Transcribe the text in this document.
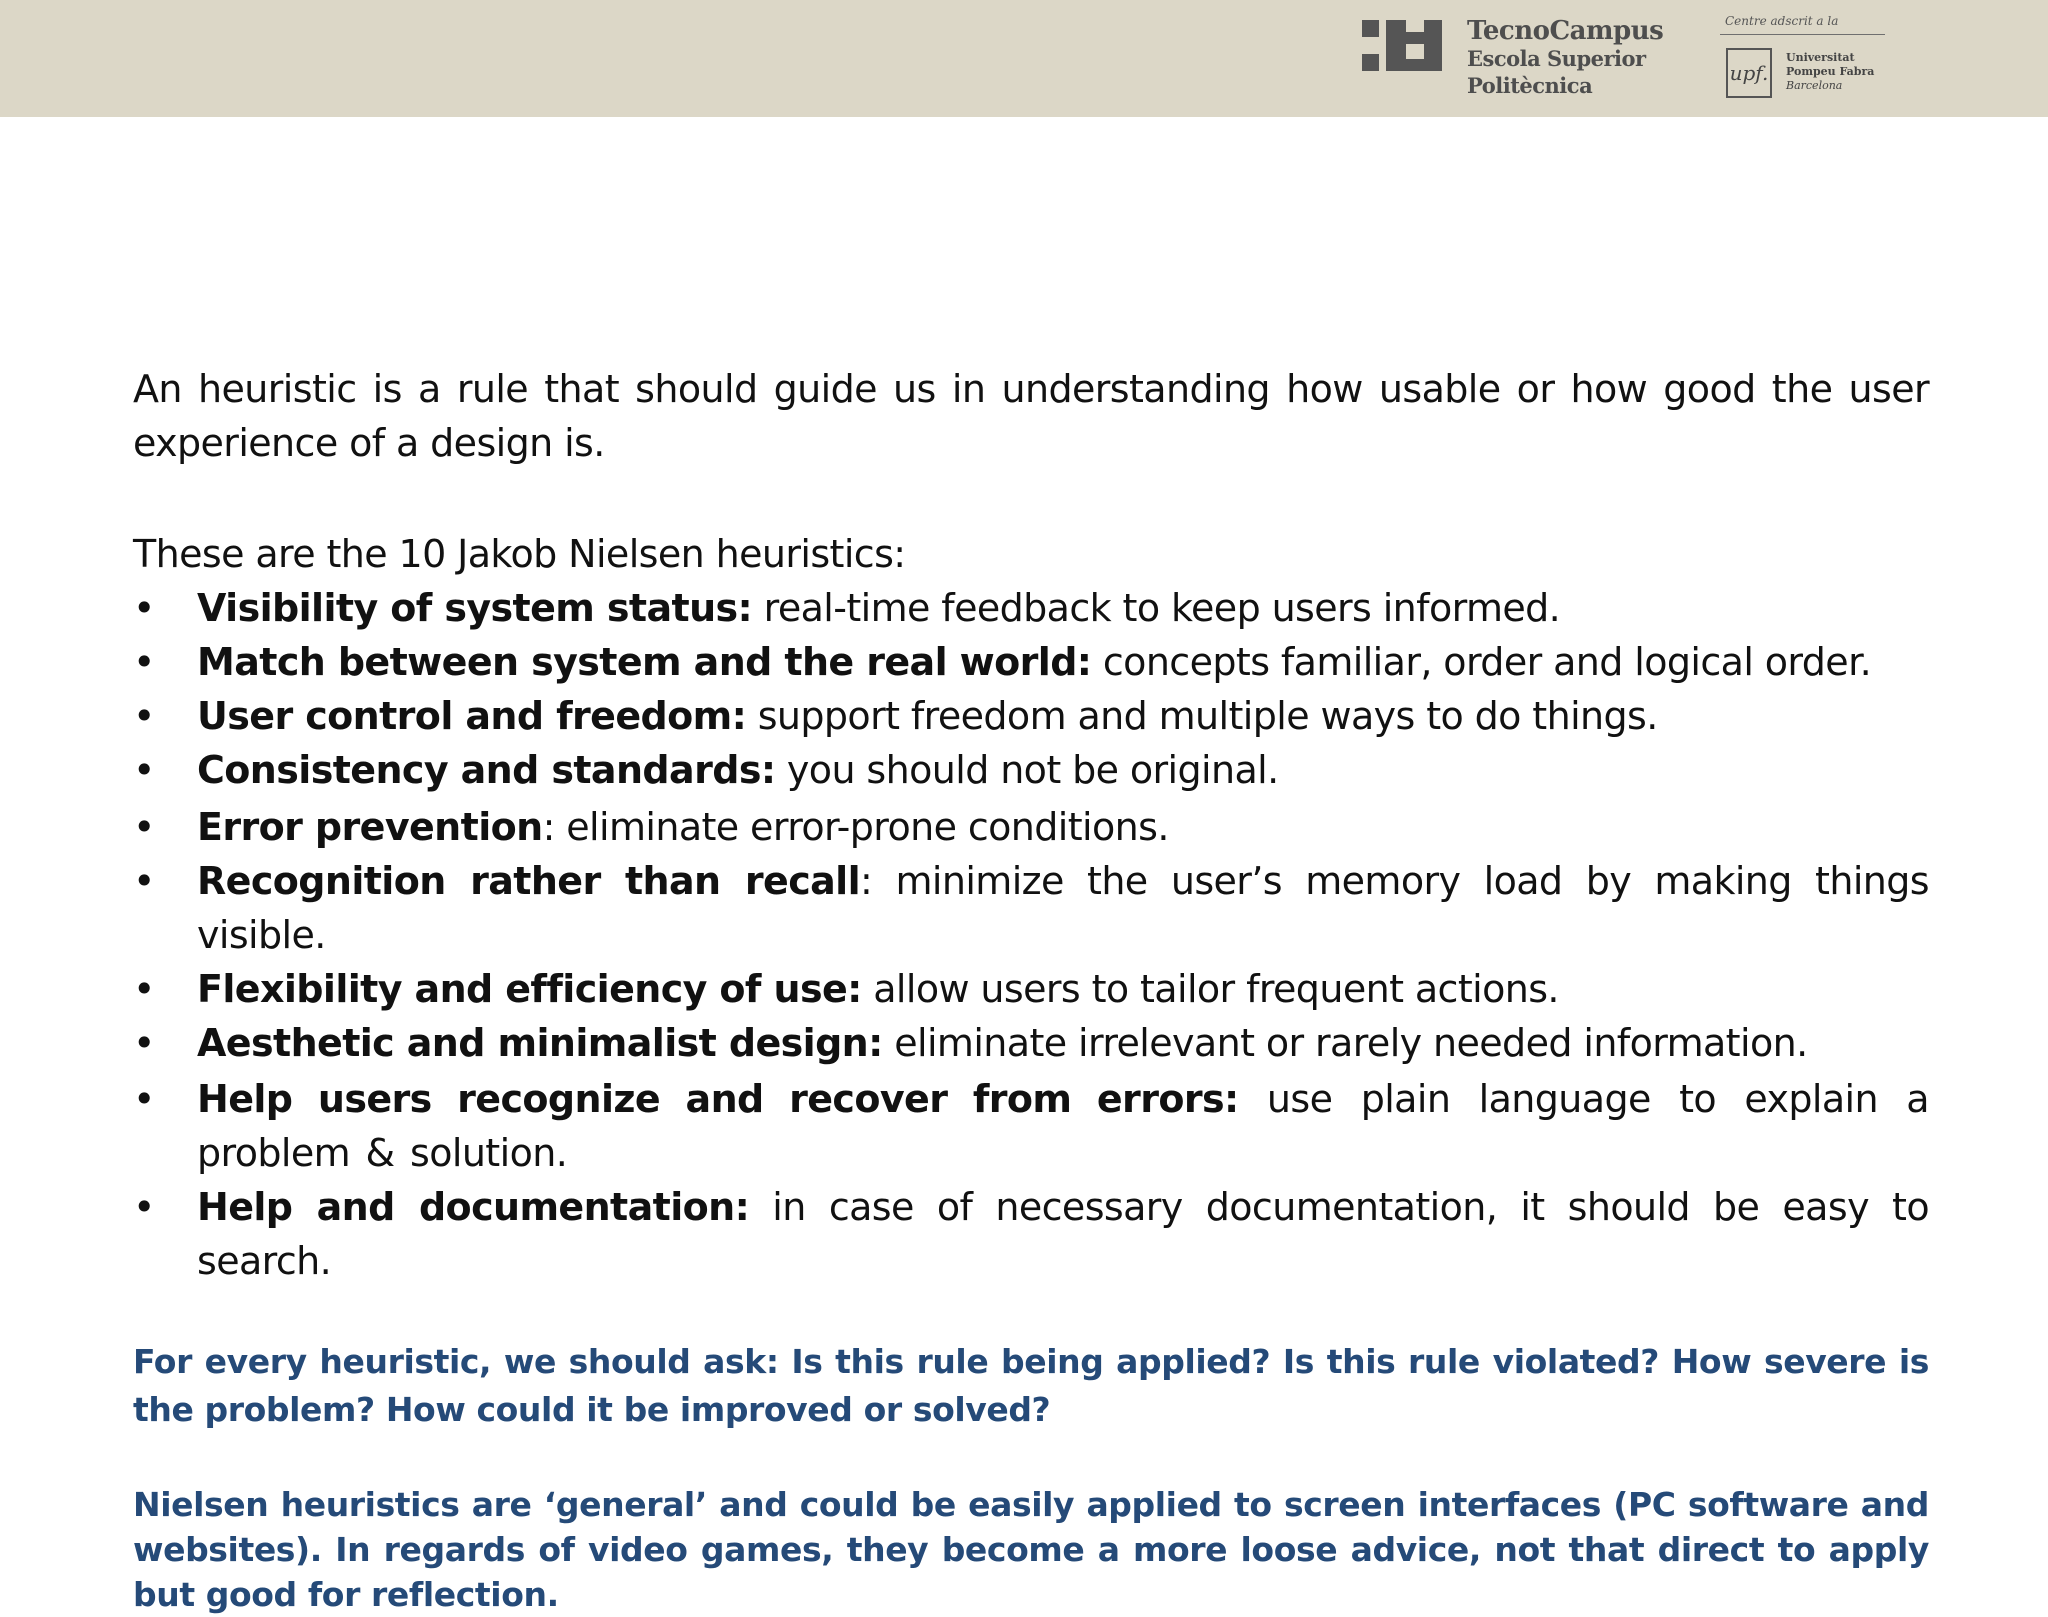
TecnoCampus
Escola Superior
Politècnica
Centre adscrit a la
upf.
Universitat
Pompeu Fabra
Barcelona

An heuristic is a rule that should guide us in understanding how usable or how good the user experience of a design is.

These are the 10 Jakob Nielsen heuristics:

• Visibility of system status: real-time feedback to keep users informed.
• Match between system and the real world: concepts familiar, order and logical order.
• User control and freedom: support freedom and multiple ways to do things.
• Consistency and standards: you should not be original.
• Error prevention: eliminate error-prone conditions.
• Recognition rather than recall: minimize the user’s memory load by making things visible.
• Flexibility and efficiency of use: allow users to tailor frequent actions.
• Aesthetic and minimalist design: eliminate irrelevant or rarely needed information.
• Help users recognize and recover from errors: use plain language to explain a problem & solution.
• Help and documentation: in case of necessary documentation, it should be easy to search.

For every heuristic, we should ask: Is this rule being applied? Is this rule violated? How severe is the problem? How could it be improved or solved?

Nielsen heuristics are ‘general’ and could be easily applied to screen interfaces (PC software and websites). In regards of video games, they become a more loose advice, not that direct to apply but good for reflection.
